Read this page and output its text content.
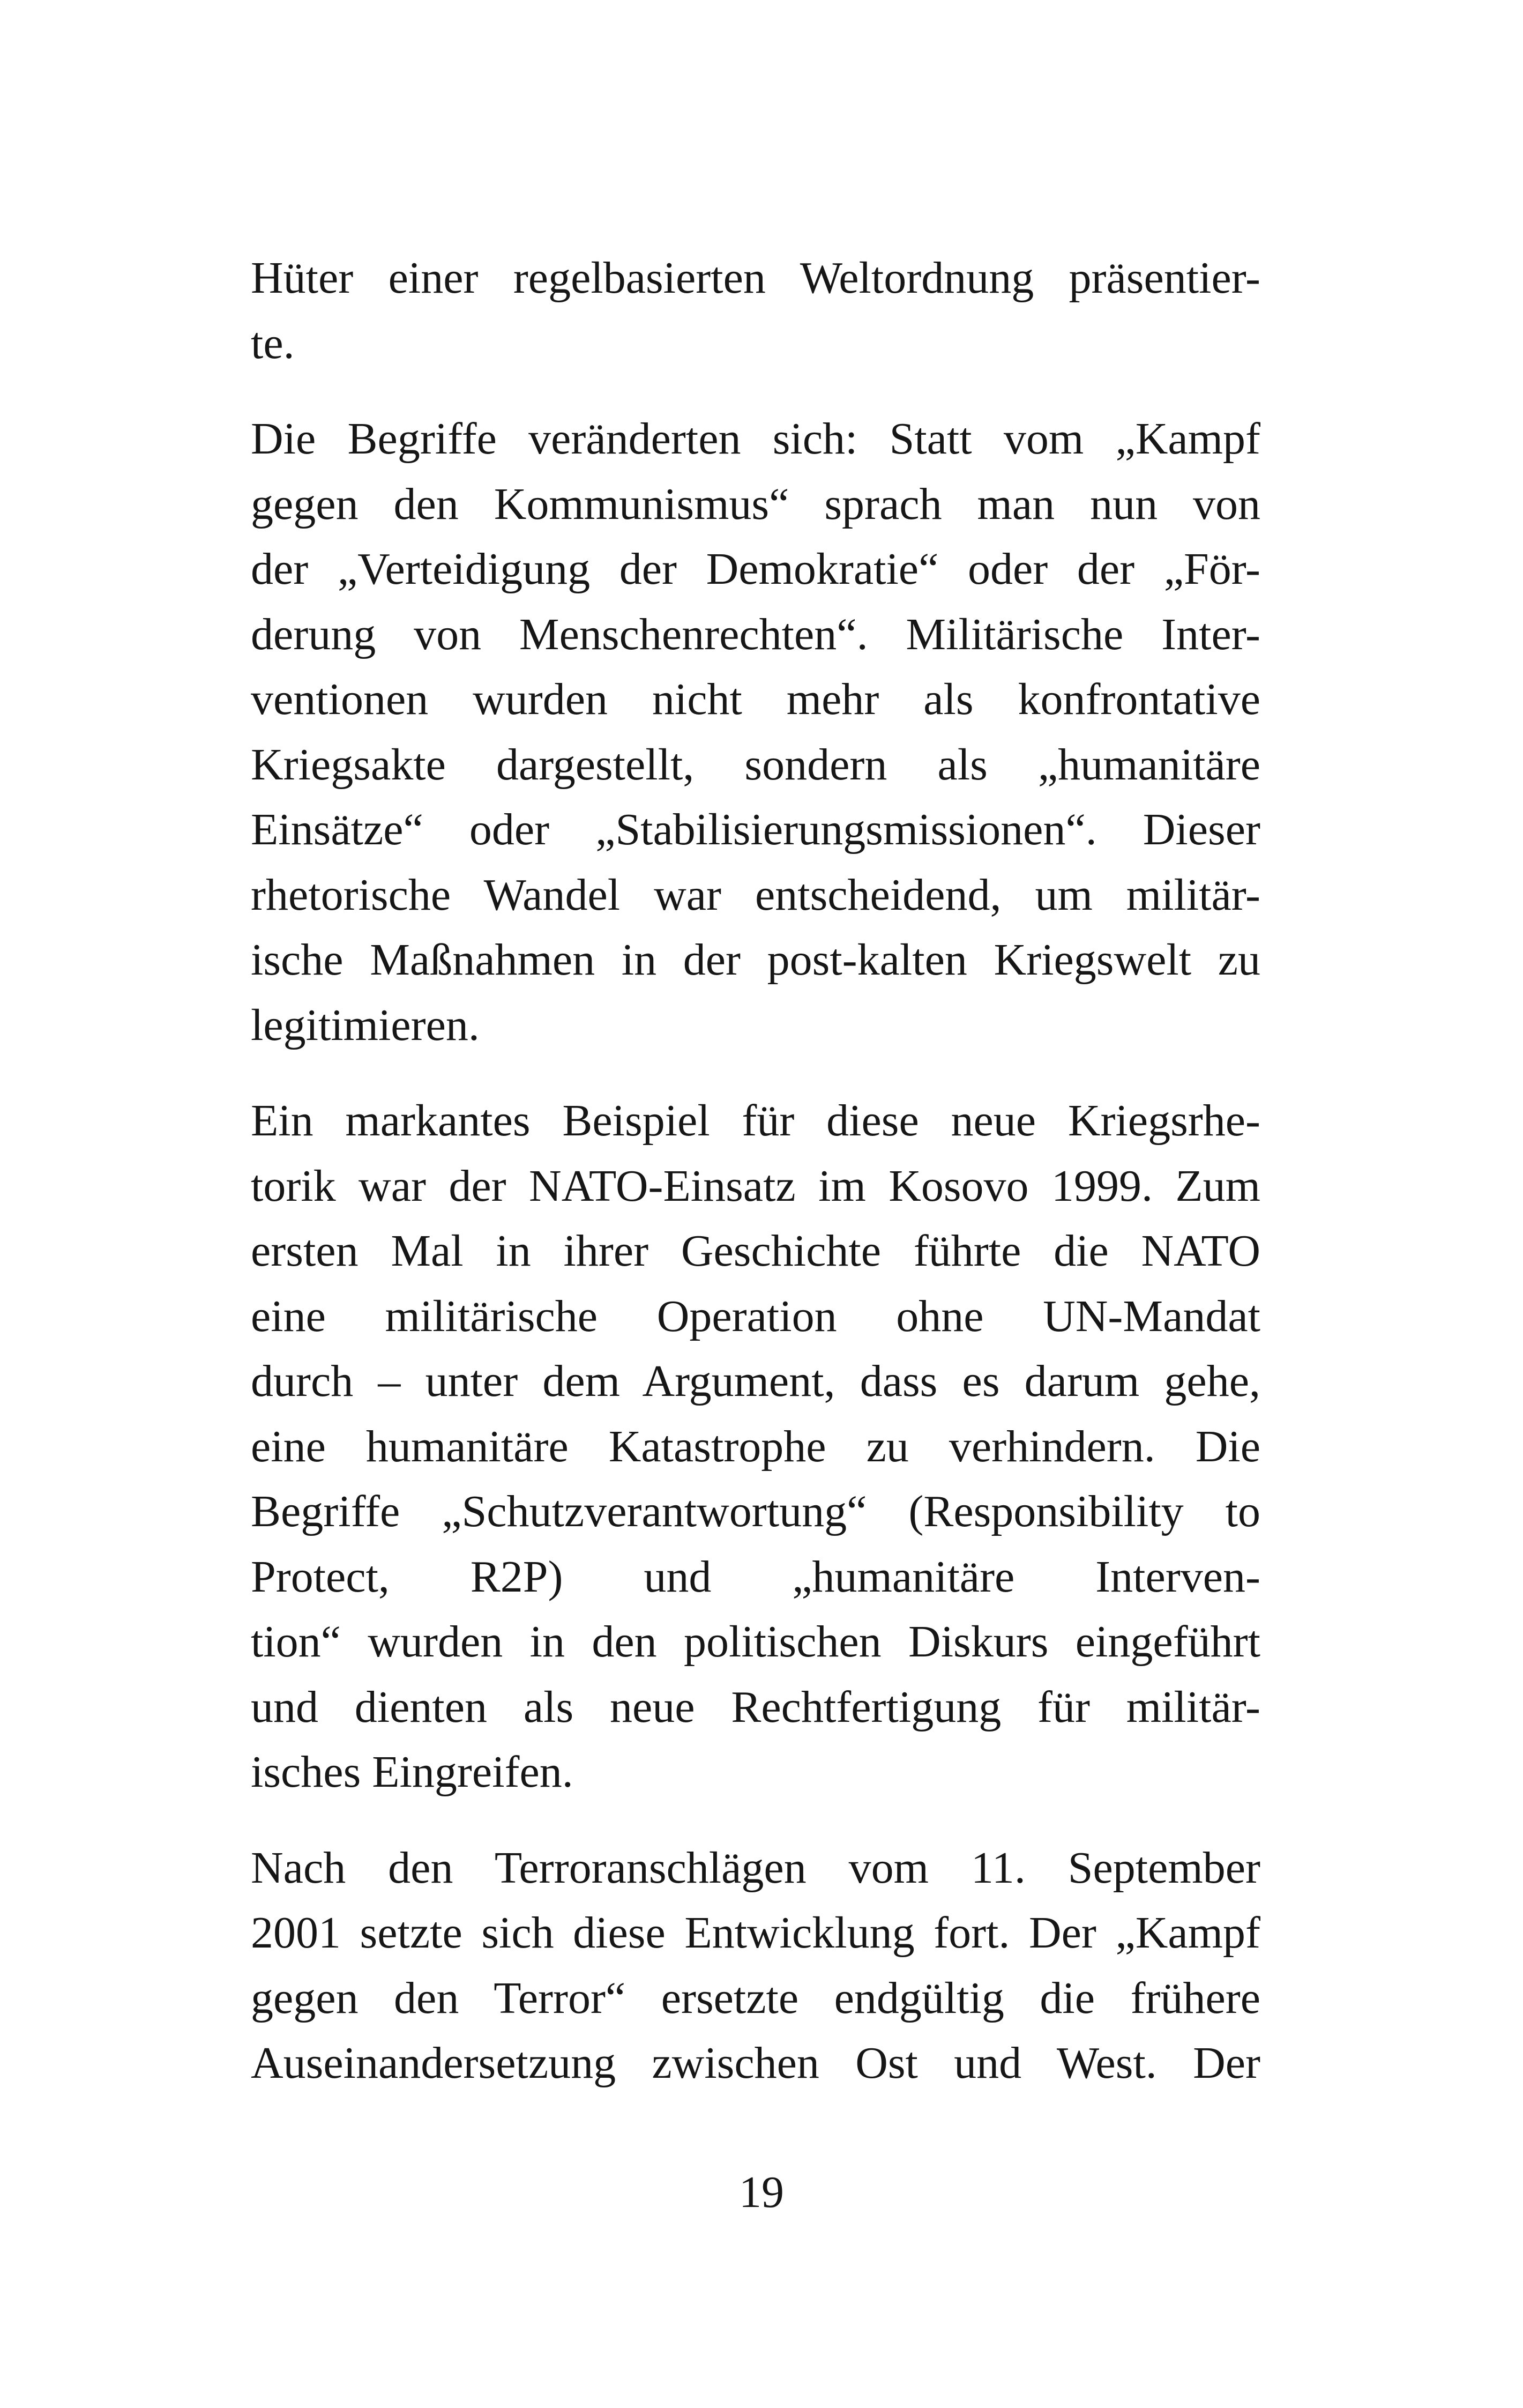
Hüter einer regelbasierten Weltordnung präsentier-
te.

Die Begriffe veränderten sich: Statt vom „Kampf
gegen den Kommunismus“ sprach man nun von
der „Verteidigung der Demokratie“ oder der „För-
derung von Menschenrechten“. Militärische Inter-
ventionen wurden nicht mehr als konfrontative
Kriegsakte dargestellt, sondern als „humanitäre
Einsätze“ oder „Stabilisierungsmissionen“. Dieser
rhetorische Wandel war entscheidend, um militär-
ische Maßnahmen in der post-kalten Kriegswelt zu
legitimieren.

Ein markantes Beispiel für diese neue Kriegsrhe-
torik war der NATO-Einsatz im Kosovo 1999. Zum
ersten Mal in ihrer Geschichte führte die NATO
eine militärische Operation ohne UN-Mandat
durch – unter dem Argument, dass es darum gehe,
eine humanitäre Katastrophe zu verhindern. Die
Begriffe „Schutzverantwortung“ (Responsibility to
Protect, R2P) und „humanitäre Interven-
tion“ wurden in den politischen Diskurs eingeführt
und dienten als neue Rechtfertigung für militär-
isches Eingreifen.

Nach den Terroranschlägen vom 11. September
2001 setzte sich diese Entwicklung fort. Der „Kampf
gegen den Terror“ ersetzte endgültig die frühere
Auseinandersetzung zwischen Ost und West. Der

19
